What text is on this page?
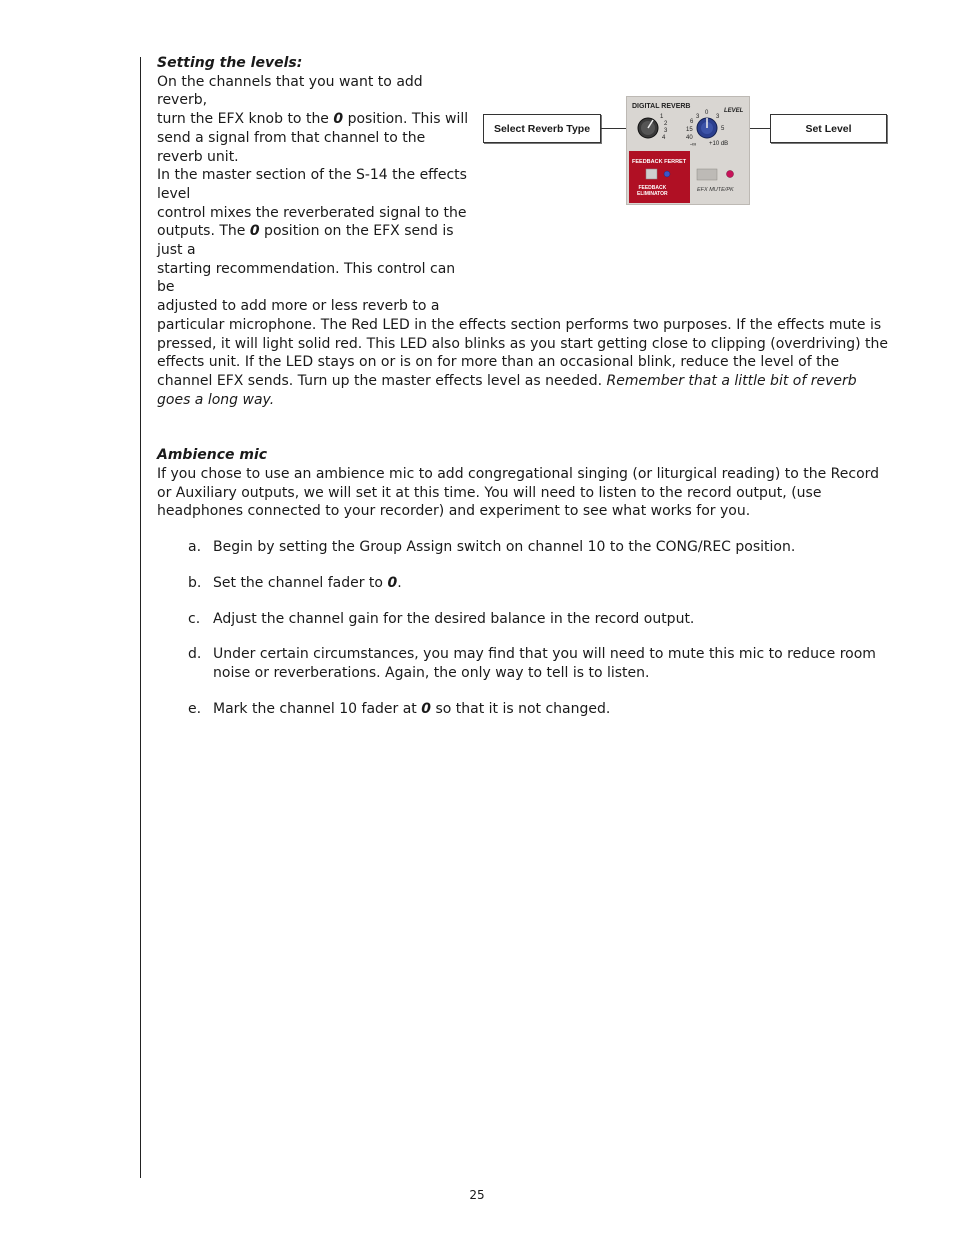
Setting the levels:

On the channels that you want to add reverb,

turn the EFX knob to the 0 position. This will

send a signal from that channel to the reverb unit.

In the master section of the S-14 the effects level

control mixes the reverberated signal to the

outputs. The 0 position on the EFX send is just a

starting recommendation. This control can be

adjusted to add more or less reverb to a

particular microphone. The Red LED in the effects section performs two purposes. If the effects mute is pressed, it will light solid red. This LED also blinks as you start getting close to clipping (overdriving) the effects unit. If the LED stays on or is on for more than an occasional blink, reduce the level of the channel EFX sends. Turn up the master effects level as needed. Remember that a little bit of reverb goes a long way.

Ambience mic

If you chose to use an ambience mic to add congregational singing (or liturgical reading) to the Record or Auxiliary outputs, we will set it at this time. You will need to listen to the record output, (use headphones connected to your recorder) and experiment to see what works for you.

a. Begin by setting the Group Assign switch on channel 10 to the CONG/REC position.
b. Set the channel fader to 0.
c. Adjust the channel gain for the desired balance in the record output.
d. Under certain circumstances, you may find that you will need to mute this mic to reduce room noise or reverberations. Again, the only way to tell is to listen.
e. Mark the channel 10 fader at 0 so that it is not changed.
Select Reverb Type	Set Level
DIGITAL REVERB
LEVEL
1
2
3
4
3
0
3
6
5
15
40
-∞ +10 dB
FEEDBACK FERRET
FEEDBACK
ELIMINATOR
EFX MUTE/PK
25
